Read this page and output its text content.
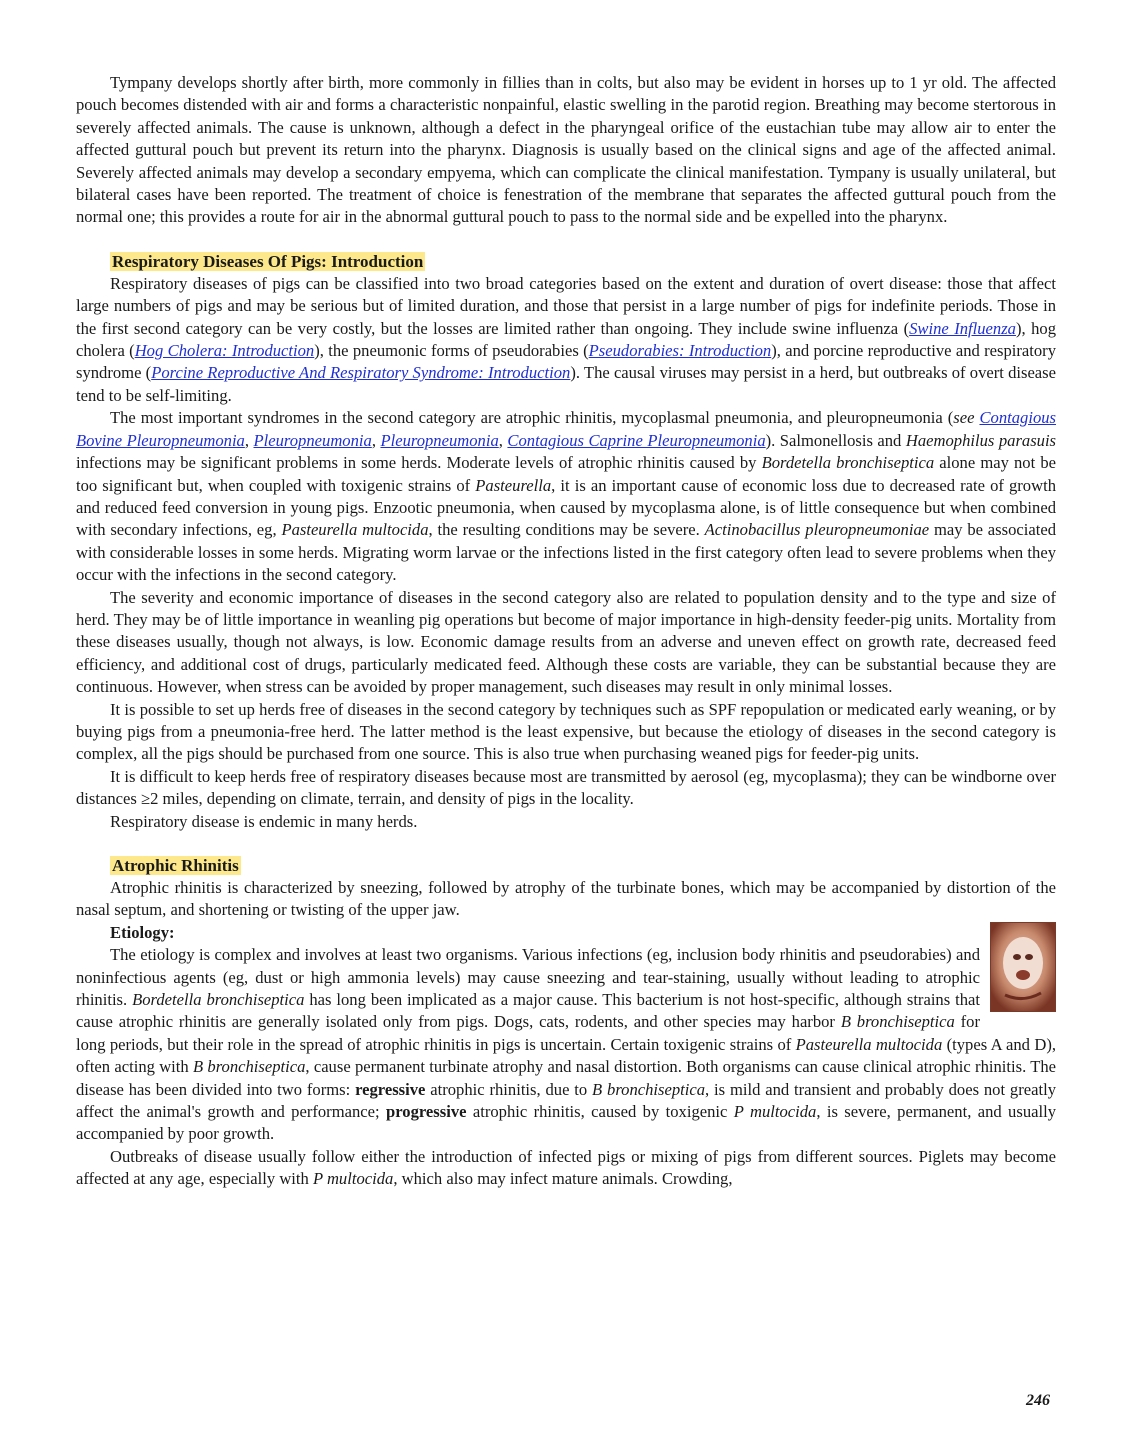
Tympany develops shortly after birth, more commonly in fillies than in colts, but also may be evident in horses up to 1 yr old. The affected pouch becomes distended with air and forms a characteristic nonpainful, elastic swelling in the parotid region. Breathing may become stertorous in severely affected animals. The cause is unknown, although a defect in the pharyngeal orifice of the eustachian tube may allow air to enter the affected guttural pouch but prevent its return into the pharynx. Diagnosis is usually based on the clinical signs and age of the affected animal. Severely affected animals may develop a secondary empyema, which can complicate the clinical manifestation. Tympany is usually unilateral, but bilateral cases have been reported. The treatment of choice is fenestration of the membrane that separates the affected guttural pouch from the normal one; this provides a route for air in the abnormal guttural pouch to pass to the normal side and be expelled into the pharynx.

Respiratory Diseases Of Pigs: Introduction

Respiratory diseases of pigs can be classified into two broad categories based on the extent and duration of overt disease: those that affect large numbers of pigs and may be serious but of limited duration, and those that persist in a large number of pigs for indefinite periods. Those in the first second category can be very costly, but the losses are limited rather than ongoing. They include swine influenza (Swine Influenza), hog cholera (Hog Cholera: Introduction), the pneumonic forms of pseudorabies (Pseudorabies: Introduction), and porcine reproductive and respiratory syndrome (Porcine Reproductive And Respiratory Syndrome: Introduction). The causal viruses may persist in a herd, but outbreaks of overt disease tend to be self-limiting.

The most important syndromes in the second category are atrophic rhinitis, mycoplasmal pneumonia, and pleuropneumonia (see Contagious Bovine Pleuropneumonia, Pleuropneumonia, Pleuropneumonia, Contagious Caprine Pleuropneumonia). Salmonellosis and Haemophilus parasuis infections may be significant problems in some herds. Moderate levels of atrophic rhinitis caused by Bordetella bronchiseptica alone may not be too significant but, when coupled with toxigenic strains of Pasteurella, it is an important cause of economic loss due to decreased rate of growth and reduced feed conversion in young pigs. Enzootic pneumonia, when caused by mycoplasma alone, is of little consequence but when combined with secondary infections, eg, Pasteurella multocida, the resulting conditions may be severe. Actinobacillus pleuropneumoniae may be associated with considerable losses in some herds. Migrating worm larvae or the infections listed in the first category often lead to severe problems when they occur with the infections in the second category.

The severity and economic importance of diseases in the second category also are related to population density and to the type and size of herd. They may be of little importance in weanling pig operations but become of major importance in high-density feeder-pig units. Mortality from these diseases usually, though not always, is low. Economic damage results from an adverse and uneven effect on growth rate, decreased feed efficiency, and additional cost of drugs, particularly medicated feed. Although these costs are variable, they can be substantial because they are continuous. However, when stress can be avoided by proper management, such diseases may result in only minimal losses.

It is possible to set up herds free of diseases in the second category by techniques such as SPF repopulation or medicated early weaning, or by buying pigs from a pneumonia-free herd. The latter method is the least expensive, but because the etiology of diseases in the second category is complex, all the pigs should be purchased from one source. This is also true when purchasing weaned pigs for feeder-pig units.

It is difficult to keep herds free of respiratory diseases because most are transmitted by aerosol (eg, mycoplasma); they can be windborne over distances ≥2 miles, depending on climate, terrain, and density of pigs in the locality.

Respiratory disease is endemic in many herds.

Atrophic Rhinitis

Atrophic rhinitis is characterized by sneezing, followed by atrophy of the turbinate bones, which may be accompanied by distortion of the nasal septum, and shortening or twisting of the upper jaw.

Etiology:

The etiology is complex and involves at least two organisms. Various infections (eg, inclusion body rhinitis and pseudorabies) and noninfectious agents (eg, dust or high ammonia levels) may cause sneezing and tear-staining, usually without leading to atrophic rhinitis. Bordetella bronchiseptica has long been implicated as a major cause. This bacterium is not host-specific, although strains that cause atrophic rhinitis are generally isolated only from pigs. Dogs, cats, rodents, and other species may harbor B bronchiseptica for long periods, but their role in the spread of atrophic rhinitis in pigs is uncertain. Certain toxigenic strains of Pasteurella multocida (types A and D), often acting with B bronchiseptica, cause permanent turbinate atrophy and nasal distortion. Both organisms can cause clinical atrophic rhinitis. The disease has been divided into two forms: regressive atrophic rhinitis, due to B bronchiseptica, is mild and transient and probably does not greatly affect the animal's growth and performance; progressive atrophic rhinitis, caused by toxigenic P multocida, is severe, permanent, and usually accompanied by poor growth.

Outbreaks of disease usually follow either the introduction of infected pigs or mixing of pigs from different sources. Piglets may become affected at any age, especially with P multocida, which also may infect mature animals. Crowding,

246
